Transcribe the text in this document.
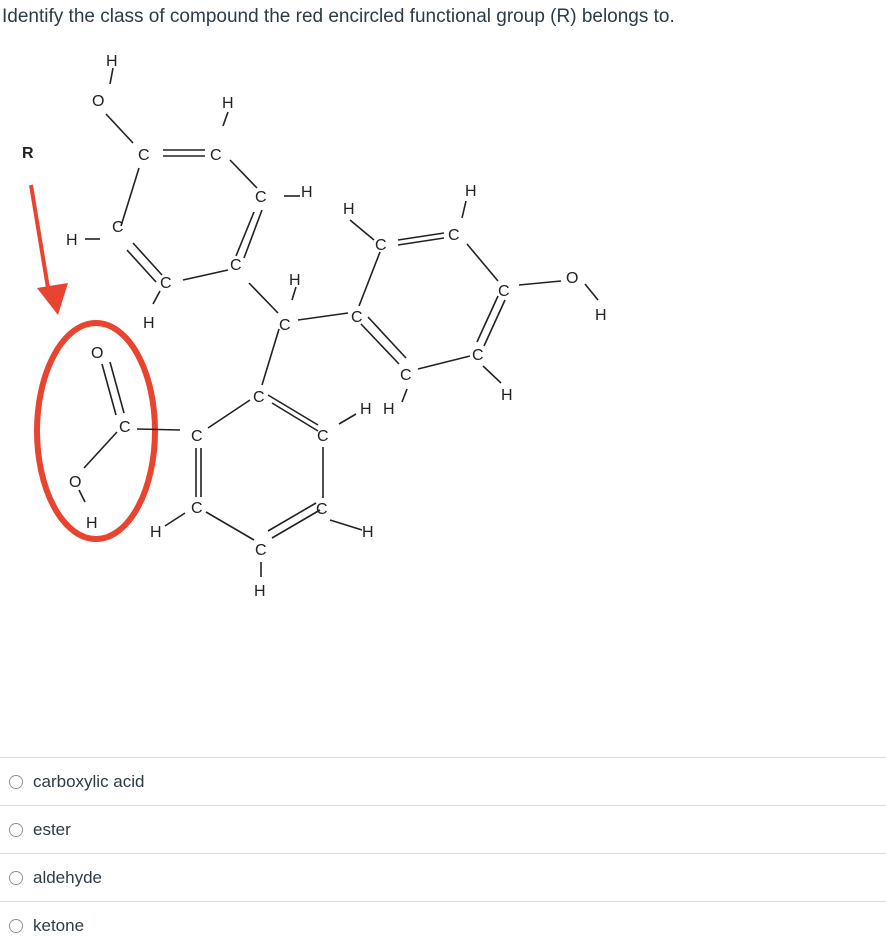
Identify the class of compound the red encircled functional group (R) belongs to.
R
H
O	H
C	C
C H
H
C
C
C
H
H
H
C
C
H
C
O
H
C	C
C
C
H
O
C
H H
C
C	C
O
C	C
H
H	H
C
H
carboxylic acid
ester
aldehyde
ketone
